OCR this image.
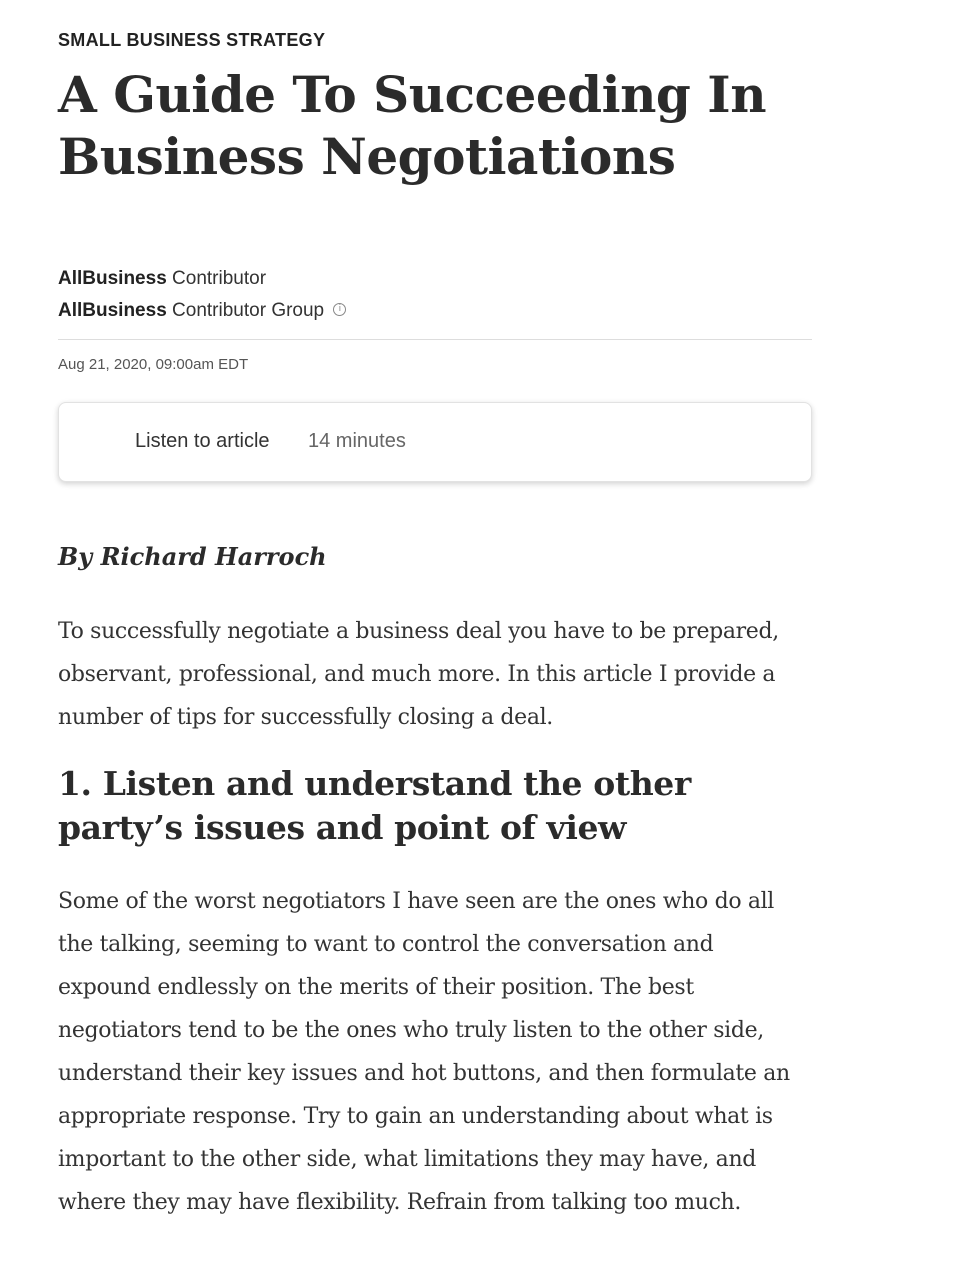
SMALL BUSINESS STRATEGY
A Guide To Succeeding In Business Negotiations
AllBusiness Contributor
AllBusiness Contributor Group i
Aug 21, 2020, 09:00am EDT
Listen to article 14 minutes

By Richard Harroch

To successfully negotiate a business deal you have to be prepared, observant, professional, and much more. In this article I provide a number of tips for successfully closing a deal.

1. Listen and understand the other party’s issues and point of view

Some of the worst negotiators I have seen are the ones who do all the talking, seeming to want to control the conversation and expound endlessly on the merits of their position. The best negotiators tend to be the ones who truly listen to the other side, understand their key issues and hot buttons, and then formulate an appropriate response. Try to gain an understanding about what is important to the other side, what limitations they may have, and where they may have flexibility. Refrain from talking too much.
